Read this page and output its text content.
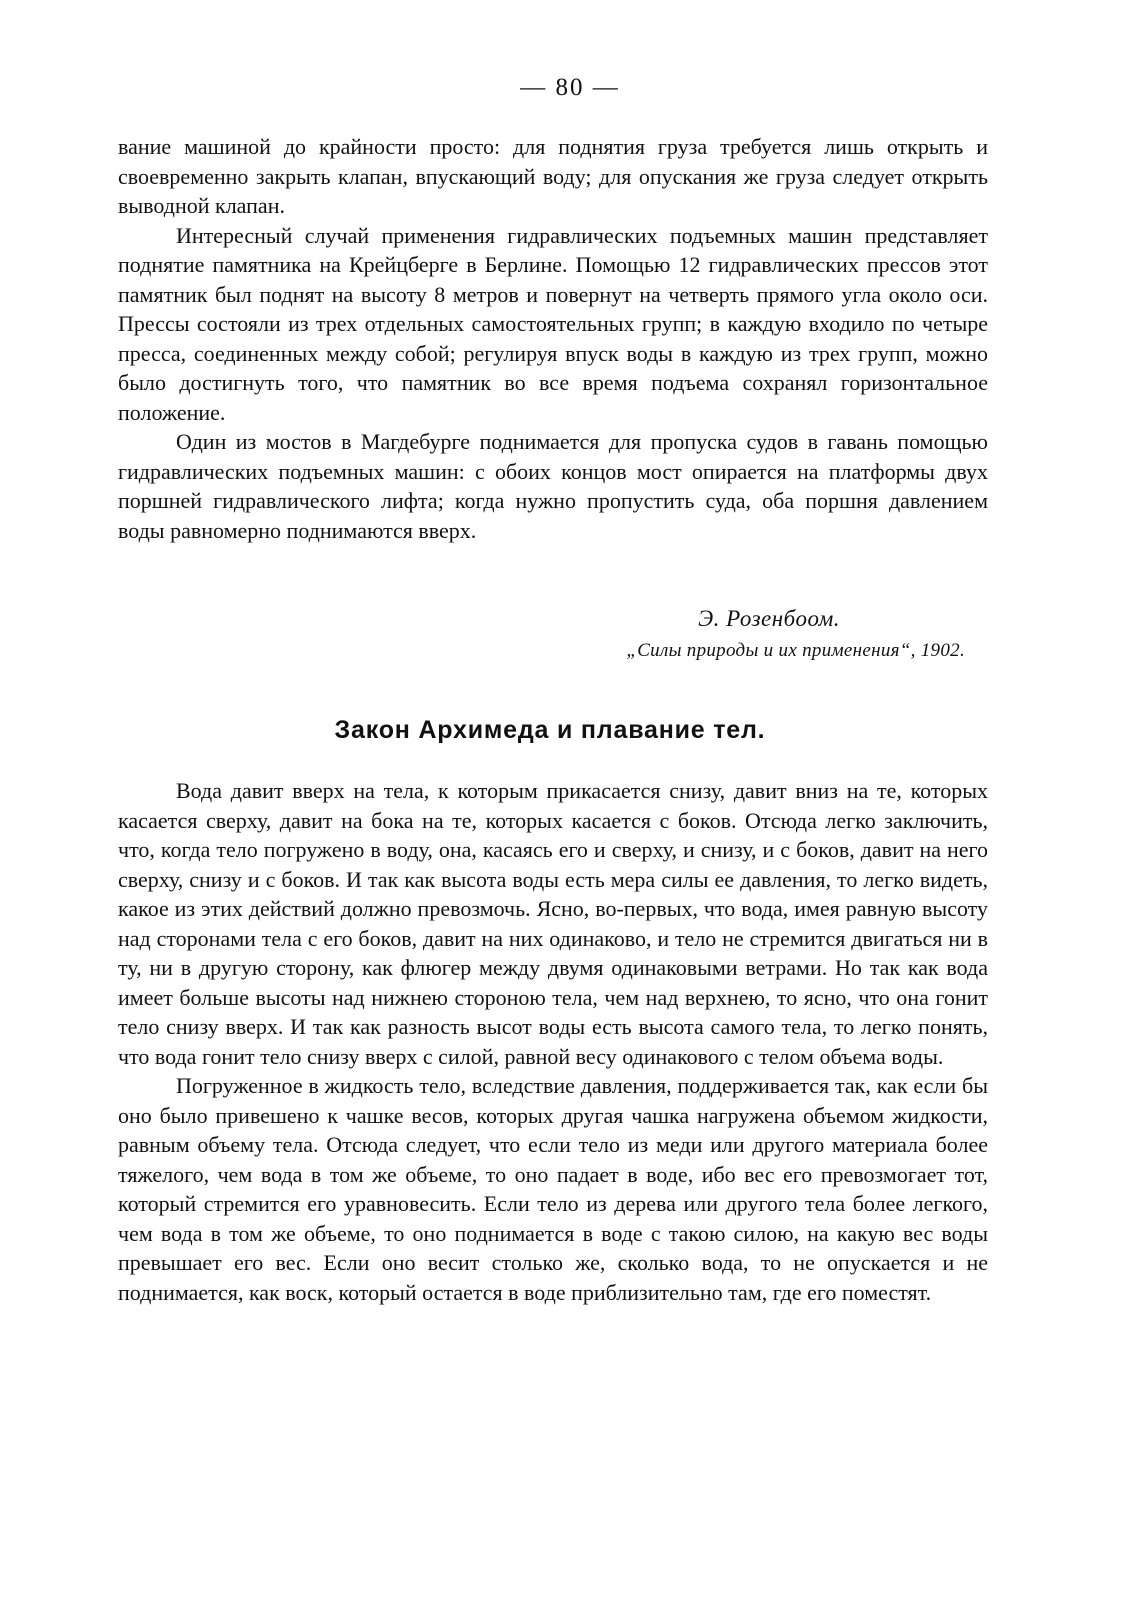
— 80 —

вание машиной до крайности просто: для поднятия груза требуется лишь открыть и своевременно закрыть клапан, впускающий воду; для опускания же груза следует открыть выводной клапан.

Интересный случай применения гидравлических подъемных машин представляет поднятие памятника на Крейцберге в Берлине. Помощью 12 гидравлических прессов этот памятник был поднят на высоту 8 метров и повернут на четверть прямого угла около оси. Прессы состояли из трех отдельных самостоятельных групп; в каждую входило по четыре пресса, соединенных между собой; регулируя впуск воды в каждую из трех групп, можно было достигнуть того, что памятник во все время подъема сохранял горизонтальное положение.

Один из мостов в Магдебурге поднимается для пропуска судов в гавань помощью гидравлических подъемных машин: с обоих концов мост опирается на платформы двух поршней гидравлического лифта; когда нужно пропустить суда, оба поршня давлением воды равномерно поднимаются вверх.

Э. Розенбоом.
„Силы природы и их применения“, 1902.
Закон Архимеда и плавание тел.

Вода давит вверх на тела, к которым прикасается снизу, давит вниз на те, которых касается сверху, давит на бока на те, которых касается с боков. Отсюда легко заключить, что, когда тело погружено в воду, она, касаясь его и сверху, и снизу, и с боков, давит на него сверху, снизу и с боков. И так как высота воды есть мера силы ее давления, то легко видеть, какое из этих действий должно превозмочь. Ясно, во-первых, что вода, имея равную высоту над сторонами тела с его боков, давит на них одинаково, и тело не стремится двигаться ни в ту, ни в другую сторону, как флюгер между двумя одинаковыми ветрами. Но так как вода имеет больше высоты над нижнею стороною тела, чем над верхнею, то ясно, что она гонит тело снизу вверх. И так как разность высот воды есть высота самого тела, то легко понять, что вода гонит тело снизу вверх с силой, равной весу одинакового с телом объема воды.

Погруженное в жидкость тело, вследствие давления, поддерживается так, как если бы оно было привешено к чашке весов, которых другая чашка нагружена объемом жидкости, равным объему тела. Отсюда следует, что если тело из меди или другого материала более тяжелого, чем вода в том же объеме, то оно падает в воде, ибо вес его превозмогает тот, который стремится его уравновесить. Если тело из дерева или другого тела более легкого, чем вода в том же объеме, то оно поднимается в воде с такою силою, на какую вес воды превышает его вес. Если оно весит столько же, сколько вода, то не опускается и не поднимается, как воск, который остается в воде приблизительно там, где его поместят.
